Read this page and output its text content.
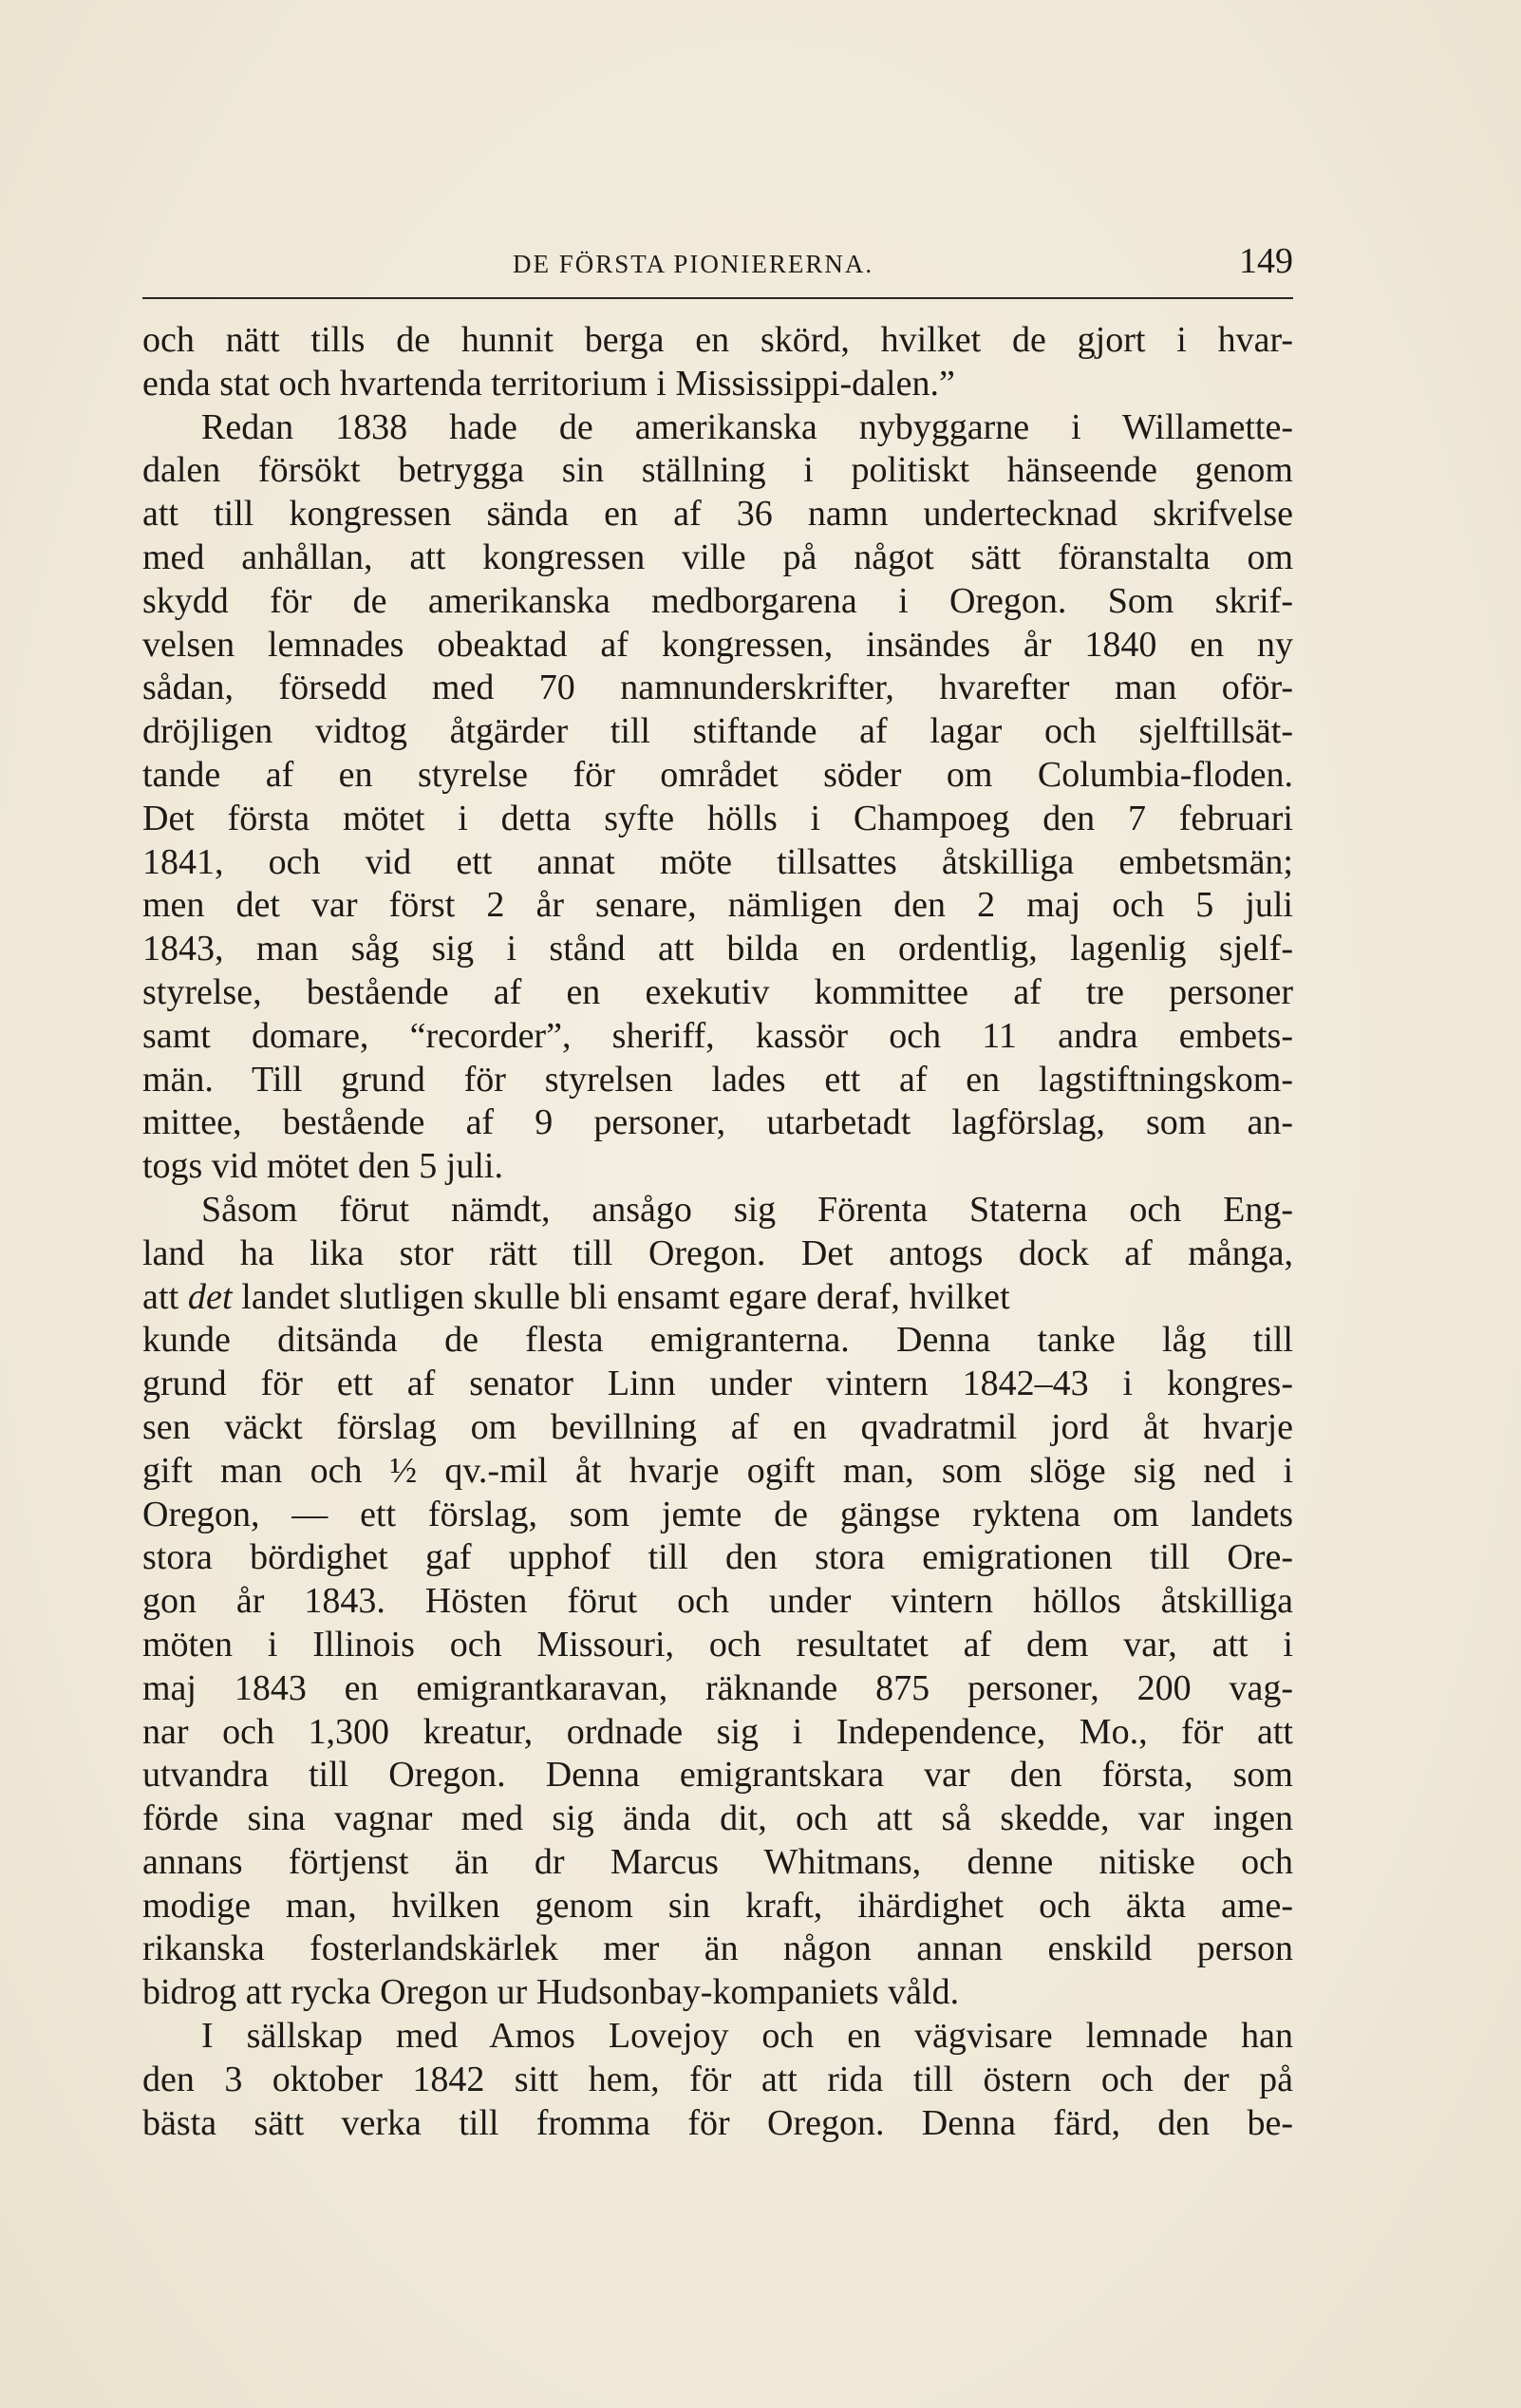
DE FÖRSTA PIONIERERNA.	149
och nätt tills de hunnit berga en skörd, hvilket de gjort i hvar-
enda stat och hvartenda territorium i Mississippi-dalen.”
Redan 1838 hade de amerikanska nybyggarne i Willamette-
dalen försökt betrygga sin ställning i politiskt hänseende genom
att till kongressen sända en af 36 namn undertecknad skrifvelse
med anhållan, att kongressen ville på något sätt föranstalta om
skydd för de amerikanska medborgarena i Oregon. Som skrif-
velsen lemnades obeaktad af kongressen, insändes år 1840 en ny
sådan, försedd med 70 namnunderskrifter, hvarefter man oför-
dröjligen vidtog åtgärder till stiftande af lagar och sjelftillsät-
tande af en styrelse för området söder om Columbia-floden.
Det första mötet i detta syfte hölls i Champoeg den 7 februari
1841, och vid ett annat möte tillsattes åtskilliga embetsmän;
men det var först 2 år senare, nämligen den 2 maj och 5 juli
1843, man såg sig i stånd att bilda en ordentlig, lagenlig sjelf-
styrelse, bestående af en exekutiv kommittee af tre personer
samt domare, “recorder”, sheriff, kassör och 11 andra embets-
män. Till grund för styrelsen lades ett af en lagstiftningskom-
mittee, bestående af 9 personer, utarbetadt lagförslag, som an-
togs vid mötet den 5 juli.
Såsom förut nämdt, ansågo sig Förenta Staterna och Eng-
land ha lika stor rätt till Oregon. Det antogs dock af många,
att det landet slutligen skulle bli ensamt egare deraf, hvilket
kunde ditsända de flesta emigranterna. Denna tanke låg till
grund för ett af senator Linn under vintern 1842–43 i kongres-
sen väckt förslag om bevillning af en qvadratmil jord åt hvarje
gift man och ½ qv.-mil åt hvarje ogift man, som slöge sig ned i
Oregon, — ett förslag, som jemte de gängse ryktena om landets
stora bördighet gaf upphof till den stora emigrationen till Ore-
gon år 1843. Hösten förut och under vintern höllos åtskilliga
möten i Illinois och Missouri, och resultatet af dem var, att i
maj 1843 en emigrantkaravan, räknande 875 personer, 200 vag-
nar och 1,300 kreatur, ordnade sig i Independence, Mo., för att
utvandra till Oregon. Denna emigrantskara var den första, som
förde sina vagnar med sig ända dit, och att så skedde, var ingen
annans förtjenst än dr Marcus Whitmans, denne nitiske och
modige man, hvilken genom sin kraft, ihärdighet och äkta ame-
rikanska fosterlandskärlek mer än någon annan enskild person
bidrog att rycka Oregon ur Hudsonbay-kompaniets våld.
I sällskap med Amos Lovejoy och en vägvisare lemnade han
den 3 oktober 1842 sitt hem, för att rida till östern och der på
bästa sätt verka till fromma för Oregon. Denna färd, den be-
